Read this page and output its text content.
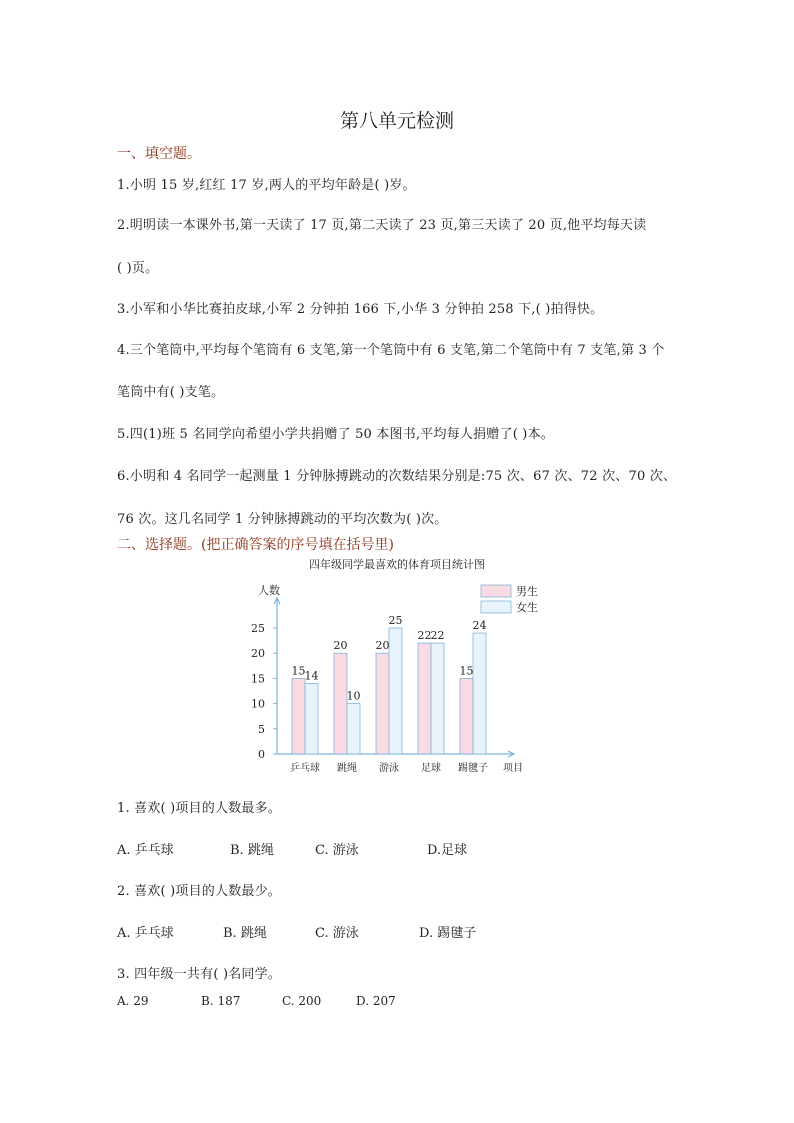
第八单元检测
一、填空题。
1.小明 15 岁,红红 17 岁,两人的平均年龄是( )岁。
2.明明读一本课外书,第一天读了 17 页,第二天读了 23 页,第三天读了 20 页,他平均每天读
( )页。
3.小军和小华比赛拍皮球,小军 2 分钟拍 166 下,小华 3 分钟拍 258 下,( )拍得快。
4.三个笔筒中,平均每个笔筒有 6 支笔,第一个笔筒中有 6 支笔,第二个笔筒中有 7 支笔,第 3 个
笔筒中有( )支笔。
5.四(1)班 5 名同学向希望小学共捐赠了 50 本图书,平均每人捐赠了( )本。
6.小明和 4 名同学一起测量 1 分钟脉搏跳动的次数结果分别是:75 次、67 次、72 次、70 次、
76 次。这几名同学 1 分钟脉搏跳动的平均次数为( )次。
二、选择题。(把正确答案的序号填在括号里)
四年级同学最喜欢的体育项目统计图
人数
项目
0
5
10
15
20
25
15 14
乒乓球
20
10
跳绳
20
25
游泳
22 22
足球
15
24
踢毽子
男生
女生
1. 喜欢( )项目的人数最多。
A. 乒乓球	B. 跳绳	C. 游泳	D.足球
2. 喜欢( )项目的人数最少。
A. 乒乓球	B. 跳绳	C. 游泳	D. 踢毽子
3. 四年级一共有( )名同学。
A. 29	B. 187	C. 200	D. 207
